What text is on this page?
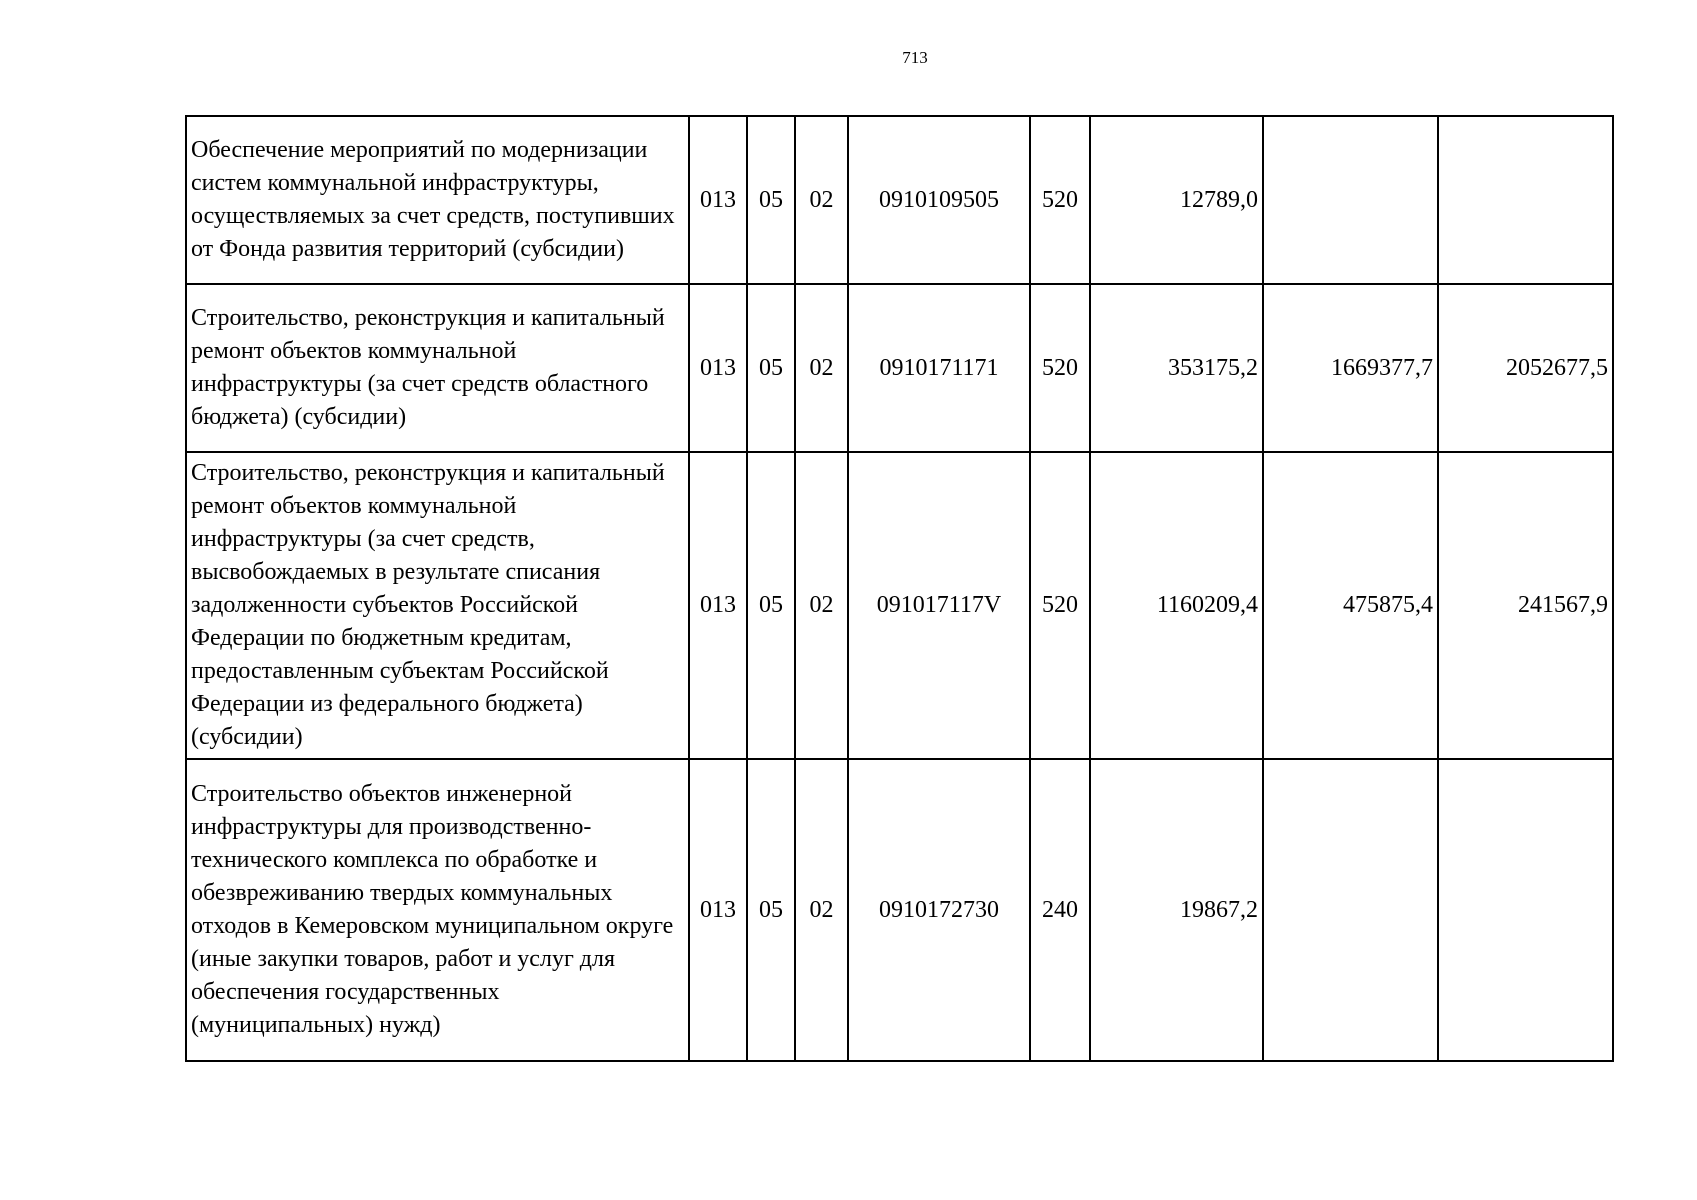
713
Обеспечение мероприятий по модернизации систем коммунальной инфраструктуры, осуществляемых за счет средств, поступивших от Фонда развития территорий (субсидии)	013	05	02	0910109505	520	12789,0		
Строительство, реконструкция и капитальный ремонт объектов коммунальной инфраструктуры (за счет средств областного бюджета) (субсидии)	013	05	02	0910171171	520	353175,2	1669377,7	2052677,5
Строительство, реконструкция и капитальный ремонт объектов коммунальной инфраструктуры (за счет средств, высвобождаемых в результате списания задолженности субъектов Российской Федерации по бюджетным кредитам, предоставленным субъектам Российской Федерации из федерального бюджета) (субсидии)	013	05	02	091017117V	520	1160209,4	475875,4	241567,9
Строительство объектов инженерной инфраструктуры для производственно-технического комплекса по обработке и обезвреживанию твердых коммунальных отходов в Кемеровском муниципальном округе (иные закупки товаров, работ и услуг для обеспечения государственных (муниципальных) нужд)	013	05	02	0910172730	240	19867,2		
